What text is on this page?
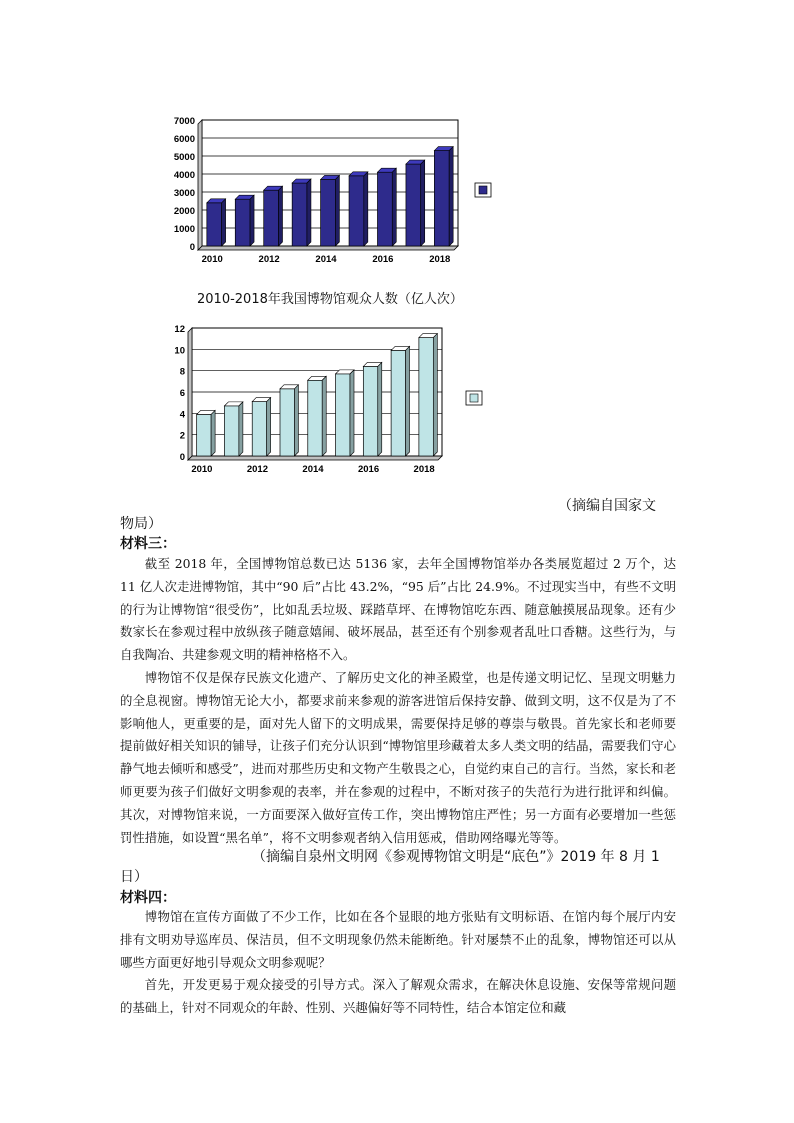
0
1000
2000
3000
4000
5000
6000
7000
2010	2012	2014	2016	2018
2010-2018年我国博物馆观众人数（亿人次）
0
2
4
6
8
10
12
2010	2012	2014	2016	2018
（摘编自国家文
物局）
材料三：

截至 2018 年，全国博物馆总数已达 5136 家，去年全国博物馆举办各类展览超过 2 万个，达 11 亿人次走进博物馆，其中“90 后”占比 43.2%，“95 后”占比 24.9%。不过现实当中，有些不文明的行为让博物馆“很受伤”，比如乱丢垃圾、踩踏草坪、在博物馆吃东西、随意触摸展品现象。还有少数家长在参观过程中放纵孩子随意嬉闹、破坏展品，甚至还有个别参观者乱吐口香糖。这些行为，与自我陶冶、共建参观文明的精神格格不入。

博物馆不仅是保存民族文化遗产、了解历史文化的神圣殿堂，也是传递文明记忆、呈现文明魅力的全息视窗。博物馆无论大小，都要求前来参观的游客进馆后保持安静、做到文明，这不仅是为了不影响他人，更重要的是，面对先人留下的文明成果，需要保持足够的尊崇与敬畏。首先家长和老师要提前做好相关知识的铺导，让孩子们充分认识到“博物馆里珍藏着太多人类文明的结晶，需要我们守心静气地去倾听和感受”，进而对那些历史和文物产生敬畏之心，自觉约束自己的言行。当然，家长和老师更要为孩子们做好文明参观的表率，并在参观的过程中，不断对孩子的失范行为进行批评和纠偏。其次，对博物馆来说，一方面要深入做好宣传工作，突出博物馆庄严性；另一方面有必要增加一些惩罚性措施，如设置“黑名单”，将不文明参观者纳入信用惩戒，借助网络曝光等等。

（摘编自泉州文明网《参观博物馆文明是“底色”》2019 年 8 月 1
日）
材料四：

博物馆在宣传方面做了不少工作，比如在各个显眼的地方张贴有文明标语、在馆内每个展厅内安排有文明劝导巡库员、保洁员，但不文明现象仍然未能断绝。针对屡禁不止的乱象，博物馆还可以从哪些方面更好地引导观众文明参观呢？

首先，开发更易于观众接受的引导方式。深入了解观众需求，在解决休息设施、安保等常规问题的基础上，针对不同观众的年龄、性别、兴趣偏好等不同特性，结合本馆定位和藏
